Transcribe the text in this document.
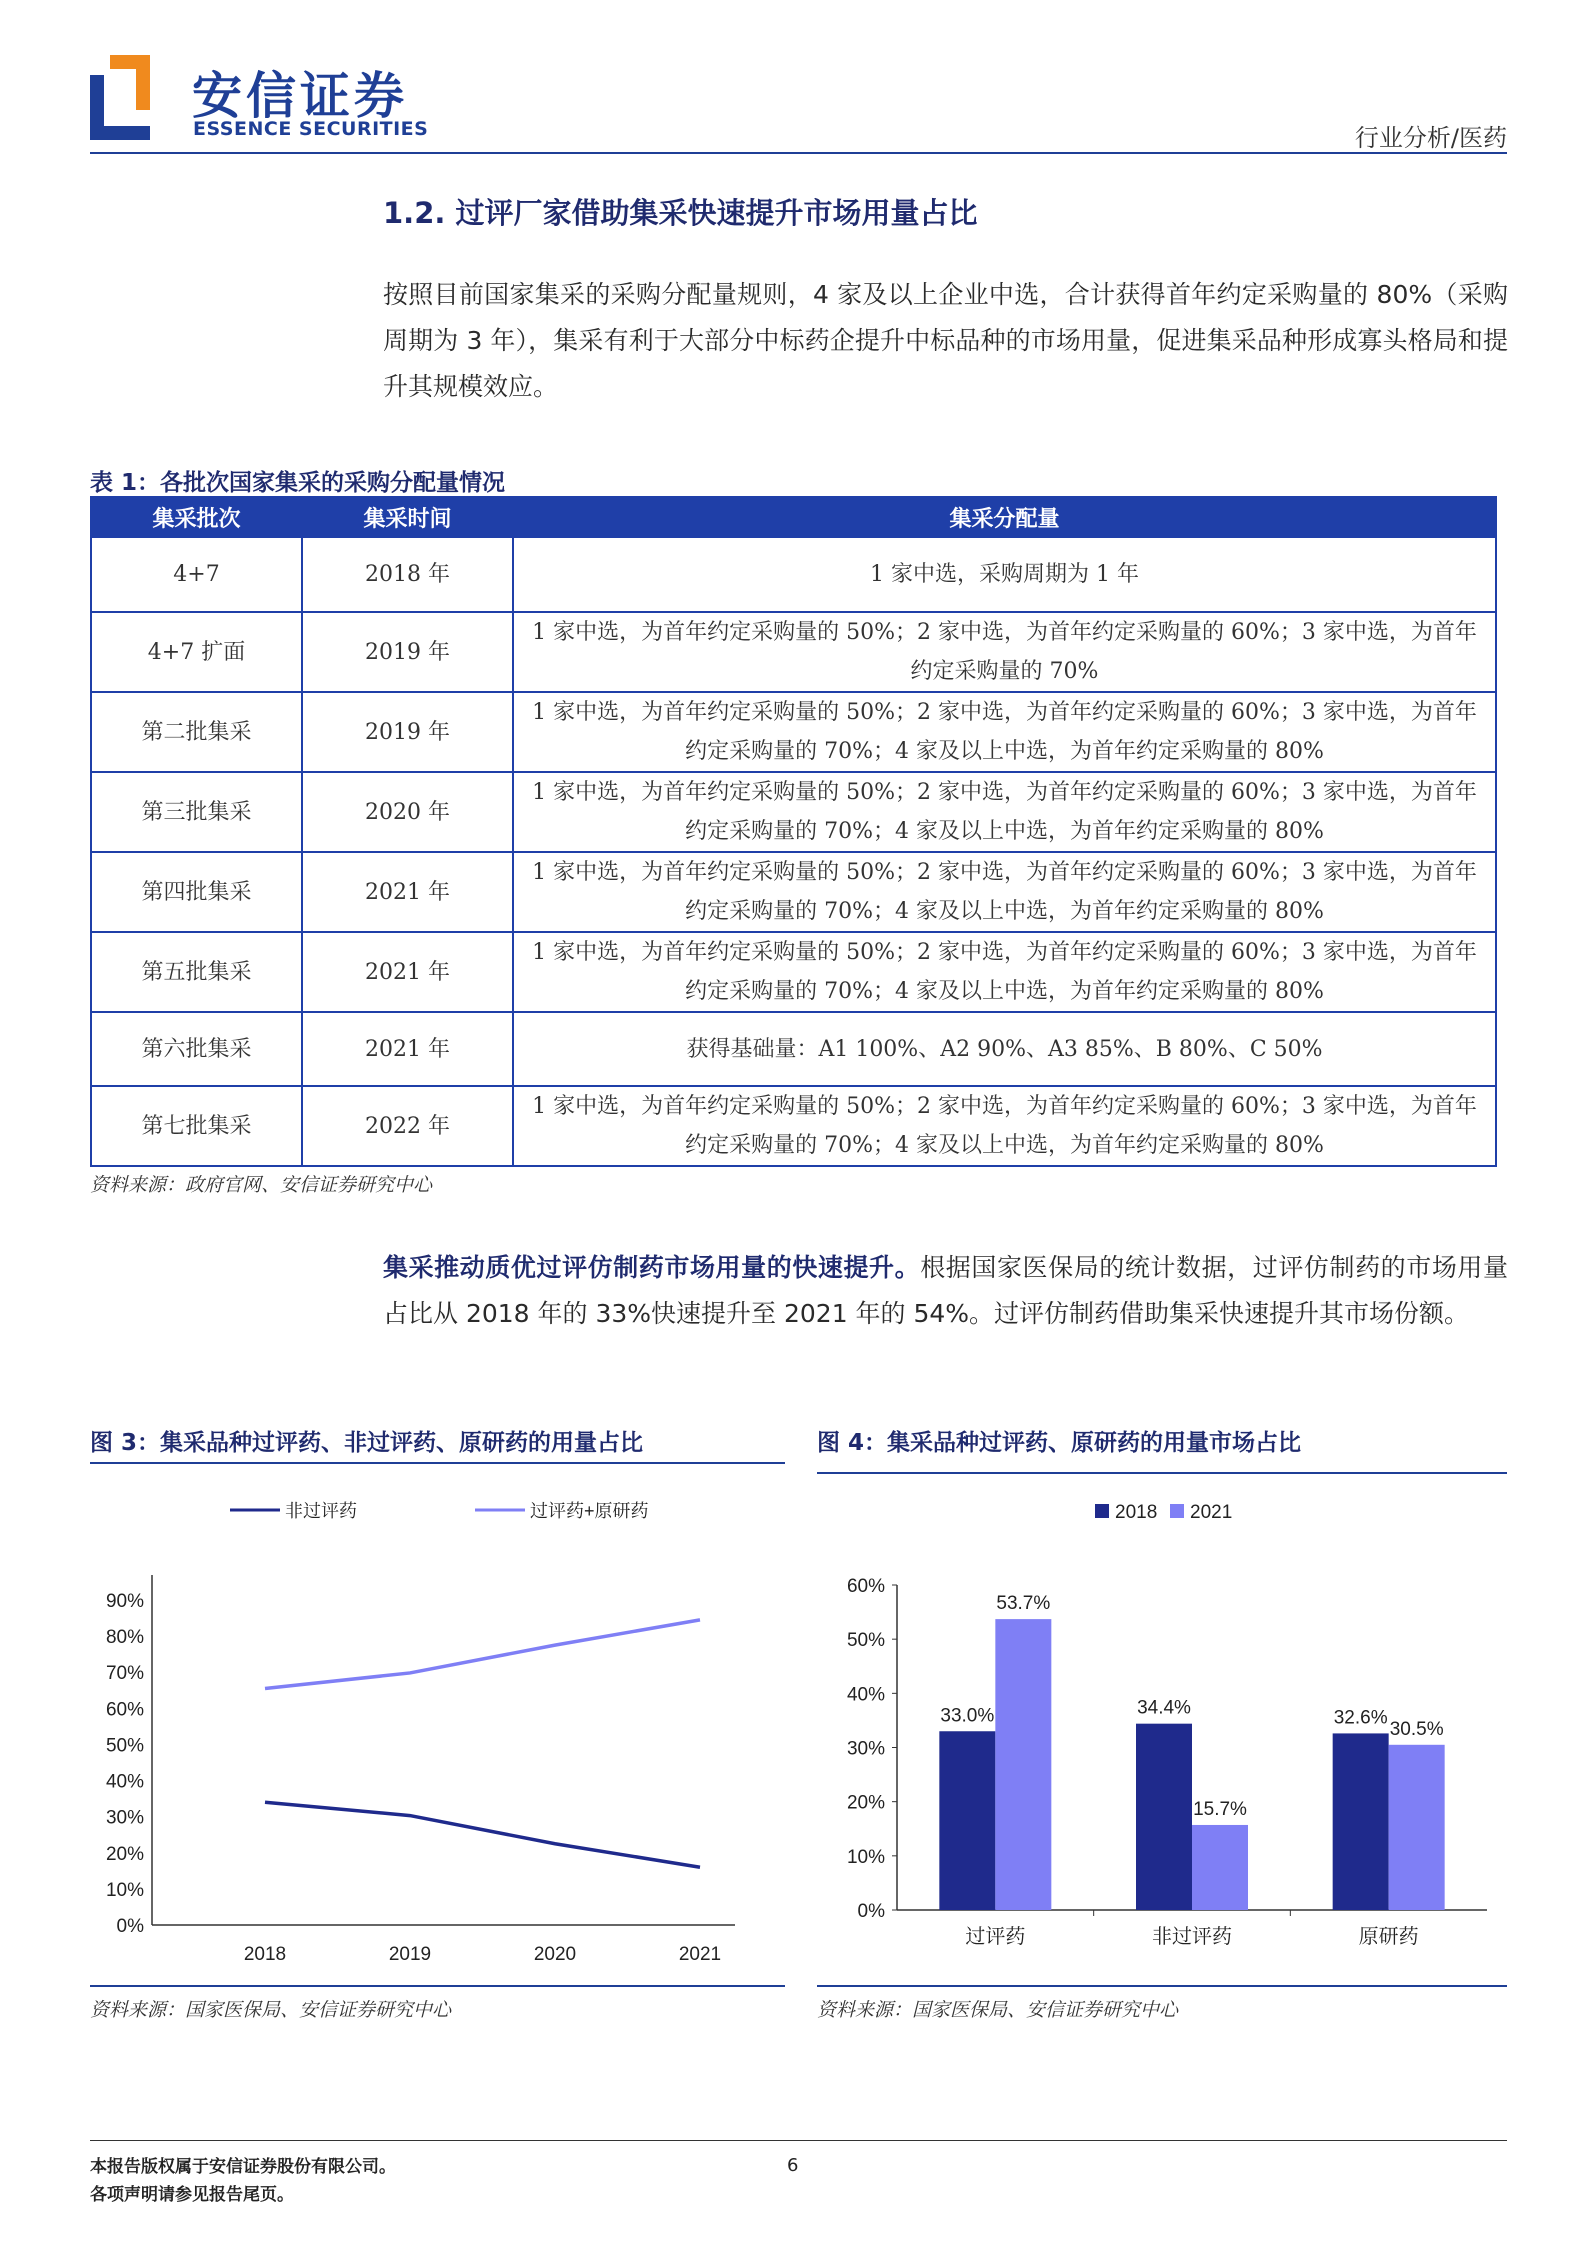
安信证券
ESSENCE SECURITIES	行业分析/医药
1.2. 过评厂家借助集采快速提升市场用量占比
按照目前国家集采的采购分配量规则，4 家及以上企业中选，合计获得首年约定采购量的 80%（采购周期为 3 年），集采有利于大部分中标药企提升中标品种的市场用量，促进集采品种形成寡头格局和提升其规模效应。
表 1：各批次国家集采的采购分配量情况
集采批次	集采时间	集采分配量
4+7	2018 年	1 家中选，采购周期为 1 年
4+7 扩面	2019 年	1 家中选，为首年约定采购量的 50%；2 家中选，为首年约定采购量的 60%；3 家中选，为首年约定采购量的 70%
第二批集采	2019 年	1 家中选，为首年约定采购量的 50%；2 家中选，为首年约定采购量的 60%；3 家中选，为首年约定采购量的 70%；4 家及以上中选，为首年约定采购量的 80%
第三批集采	2020 年	1 家中选，为首年约定采购量的 50%；2 家中选，为首年约定采购量的 60%；3 家中选，为首年约定采购量的 70%；4 家及以上中选，为首年约定采购量的 80%
第四批集采	2021 年	1 家中选，为首年约定采购量的 50%；2 家中选，为首年约定采购量的 60%；3 家中选，为首年约定采购量的 70%；4 家及以上中选，为首年约定采购量的 80%
第五批集采	2021 年	1 家中选，为首年约定采购量的 50%；2 家中选，为首年约定采购量的 60%；3 家中选，为首年约定采购量的 70%；4 家及以上中选，为首年约定采购量的 80%
第六批集采	2021 年	获得基础量：A1 100%、A2 90%、A3 85%、B 80%、C 50%
第七批集采	2022 年	1 家中选，为首年约定采购量的 50%；2 家中选，为首年约定采购量的 60%；3 家中选，为首年约定采购量的 70%；4 家及以上中选，为首年约定采购量的 80%
资料来源：政府官网、安信证券研究中心
集采推动质优过评仿制药市场用量的快速提升。根据国家医保局的统计数据，过评仿制药的市场用量占比从 2018 年的 33%快速提升至 2021 年的 54%。过评仿制药借助集采快速提升其市场份额。
图 3：集采品种过评药、非过评药、原研药的用量占比
非过评药	过评药+原研药
0%
10%
20%
30%
40%
50%
60%
70%
80%
90%
2018	2019	2020	2021
资料来源：国家医保局、安信证券研究中心
图 4：集采品种过评药、原研药的用量市场占比
2018 2021
0%
10%
20%
30%
40%
50%
60%
过评药
33.0%
53.7%
非过评药
34.4%
15.7%
原研药
32.6%
30.5%
资料来源：国家医保局、安信证券研究中心
本报告版权属于安信证券股份有限公司。
各项声明请参见报告尾页。
6
